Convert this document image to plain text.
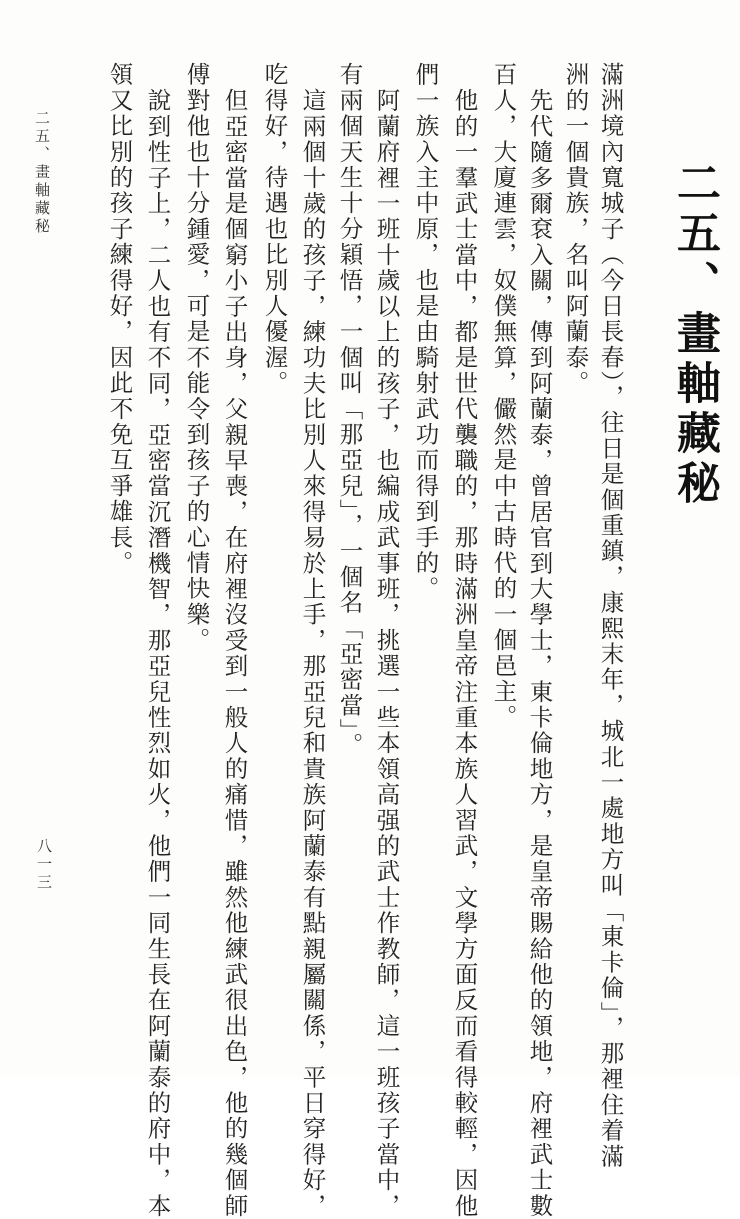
二五、畫軸藏秘
滿洲境內寬城子（今日長春），往日是個重鎮，康熙末年，城北一處地方叫「東卡倫」，那裡住着滿
洲的一個貴族，名叫阿蘭泰。
先代隨多爾袞入關，傳到阿蘭泰，曾居官到大學士，東卡倫地方，是皇帝賜給他的領地，府裡武士數
百人，大廈連雲，奴僕無算，儼然是中古時代的一個邑主。
他的一羣武士當中，都是世代襲職的，那時滿洲皇帝注重本族人習武，文學方面反而看得較輕，因他
們一族入主中原，也是由騎射武功而得到手的。
阿蘭府裡一班十歲以上的孩子，也編成武事班，挑選一些本領高强的武士作教師，這一班孩子當中，
有兩個天生十分穎悟，一個叫「那亞兒」，一個名「亞密當」。
這兩個十歲的孩子，練功夫比別人來得易於上手，那亞兒和貴族阿蘭泰有點親屬關係，平日穿得好，
吃得好，待遇也比別人優渥。
但亞密當是個窮小子出身，父親早喪，在府裡沒受到一般人的痛惜，雖然他練武很出色，他的幾個師
傅對他也十分鍾愛，可是不能令到孩子的心情快樂。
說到性子上，二人也有不同，亞密當沉潛機智，那亞兒性烈如火，他們一同生長在阿蘭泰的府中，本
領又比別的孩子練得好，因此不免互爭雄長。
二五、畫軸藏秘
八一三
